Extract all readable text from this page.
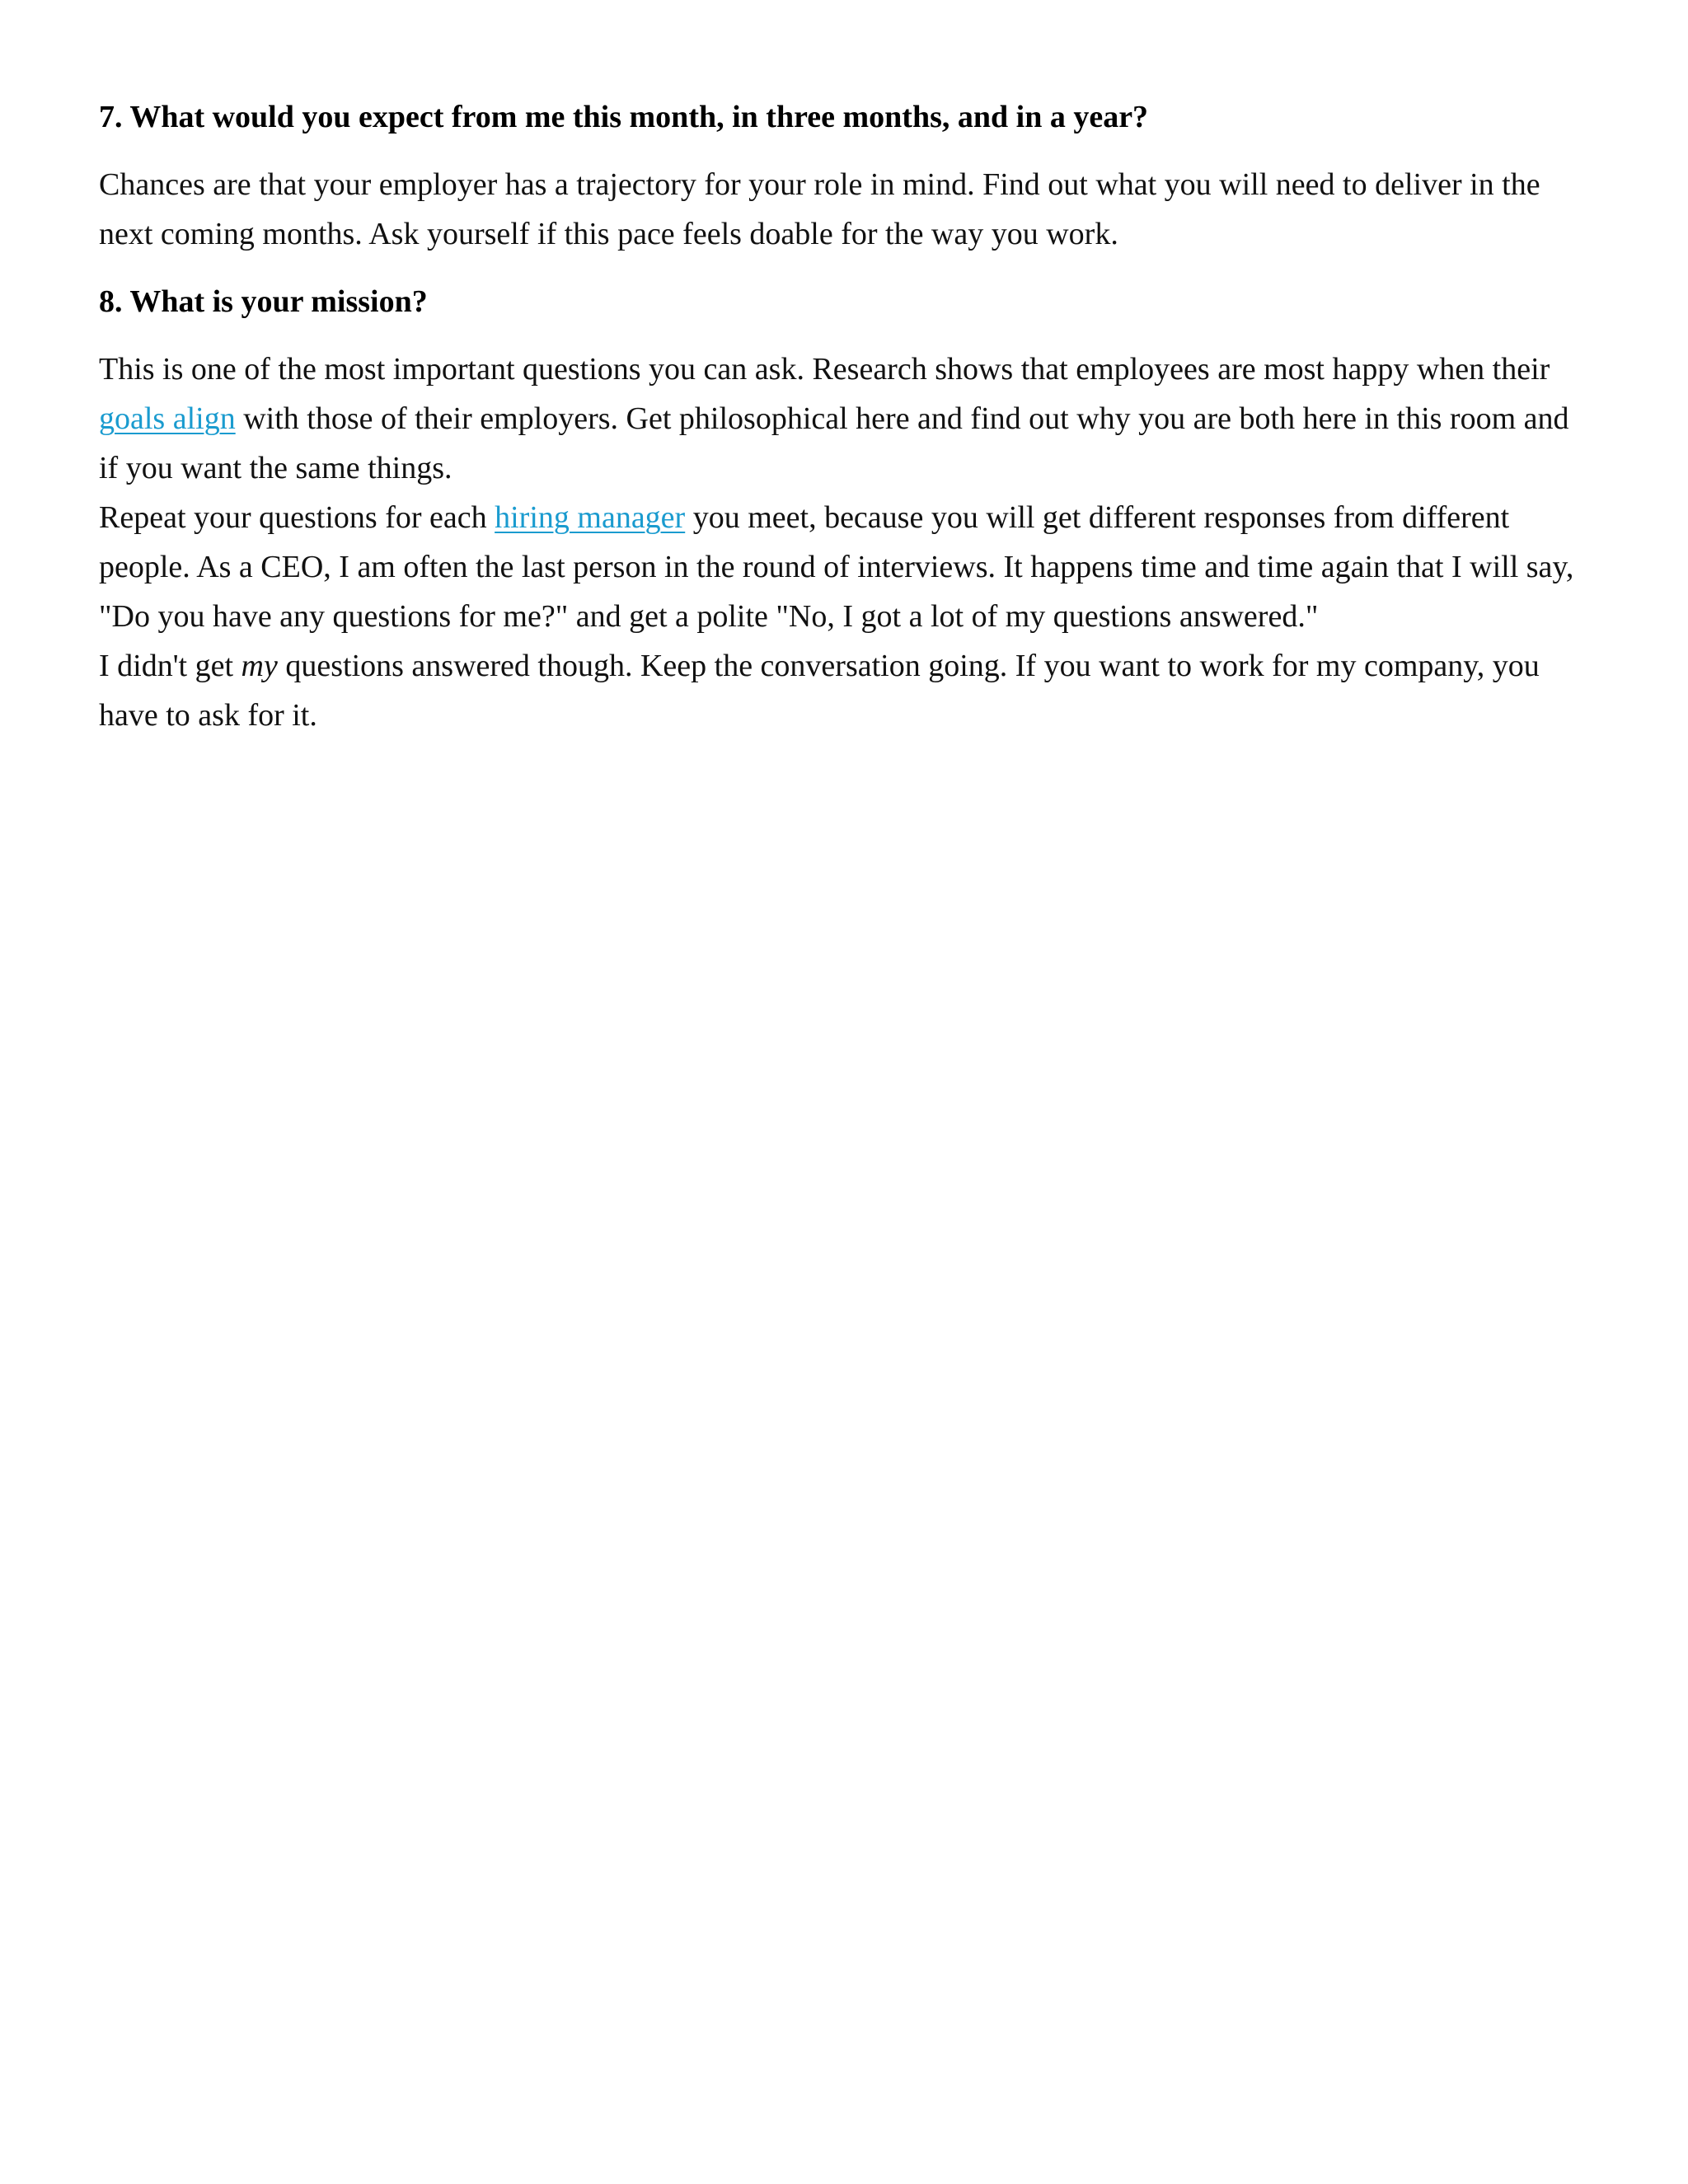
7. What would you expect from me this month, in three months, and in a year?

Chances are that your employer has a trajectory for your role in mind. Find out what you will need to deliver in the next coming months. Ask yourself if this pace feels doable for the way you work.

8. What is your mission?

This is one of the most important questions you can ask. Research shows that employees are most happy when their goals align with those of their employers. Get philosophical here and find out why you are both here in this room and if you want the same things.

Repeat your questions for each hiring manager you meet, because you will get different responses from different people. As a CEO, I am often the last person in the round of interviews. It happens time and time again that I will say, "Do you have any questions for me?" and get a polite "No, I got a lot of my questions answered."

I didn't get my questions answered though. Keep the conversation going. If you want to work for my company, you have to ask for it.
